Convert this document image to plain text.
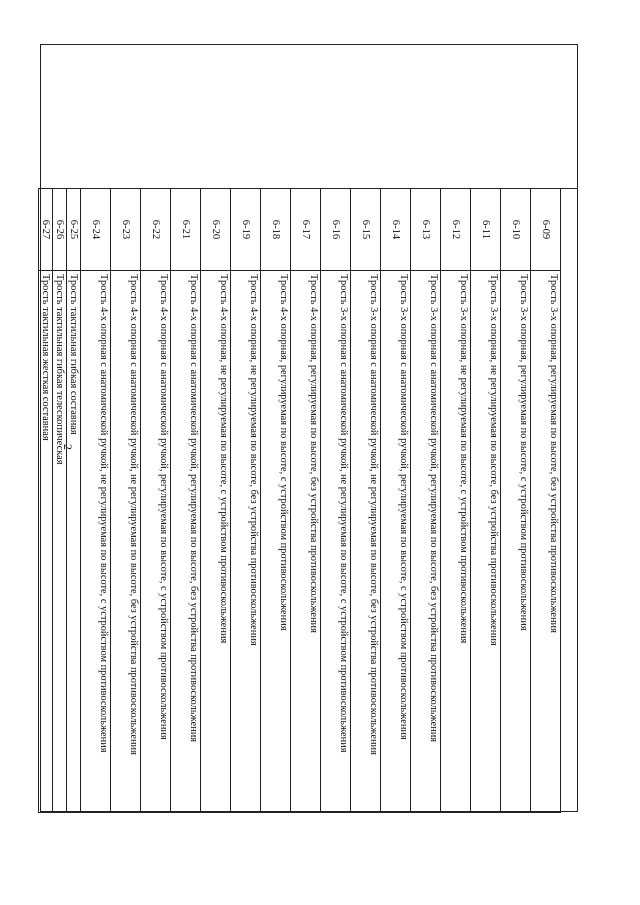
2
6-09	Трость 3-х опорная, регулируемая по высоте, без устройства противоскольжения
6-10	Трость 3-х опорная, регулируемая по высоте, с устройством противоскольжения
6-11	Трость 3-х опорная, не регулируемая по высоте, без устройства противоскольжения
6-12	Трость 3-х опорная, не регулируемая по высоте, с устройством противоскольжения
6-13	Трость 3-х опорная с анатомической ручкой, регулируемая по высоте, без устройства противоскольжения
6-14	Трость 3-х опорная с анатомической ручкой, регулируемая по высоте, с устройством противоскольжения
6-15	Трость 3-х опорная с анатомической ручкой, не регулируемая по высоте, без устройства противоскольжения
6-16	Трость 3-х опорная с анатомической ручкой, не регулируемая по высоте, с устройством противоскольжения
6-17	Трость 4-х опорная, регулируемая по высоте, без устройства противоскольжения
6-18	Трость 4-х опорная, регулируемая по высоте, с устройством противоскольжения
6-19	Трость 4-х опорная, не регулируемая по высоте, без устройства противоскольжения
6-20	Трость 4-х опорная, не регулируемая по высоте, с устройством противоскольжения
6-21	Трость 4-х опорная с анатомической ручкой, регулируемая по высоте, без устройства противоскольжения
6-22	Трость 4-х опорная с анатомической ручкой, регулируемая по высоте, с устройством противоскольжения
6-23	Трость 4-х опорная с анатомической ручкой, не регулируемая по высоте, без устройства противоскольжения
6-24	Трость 4-х опорная с анатомической ручкой, не регулируемая по высоте, с устройством противоскольжения
6-25	Трость тактильная гибкая составная
6-26	Трость тактильная гибкая телескопическая
6-27	Трость тактильная жесткая составная
